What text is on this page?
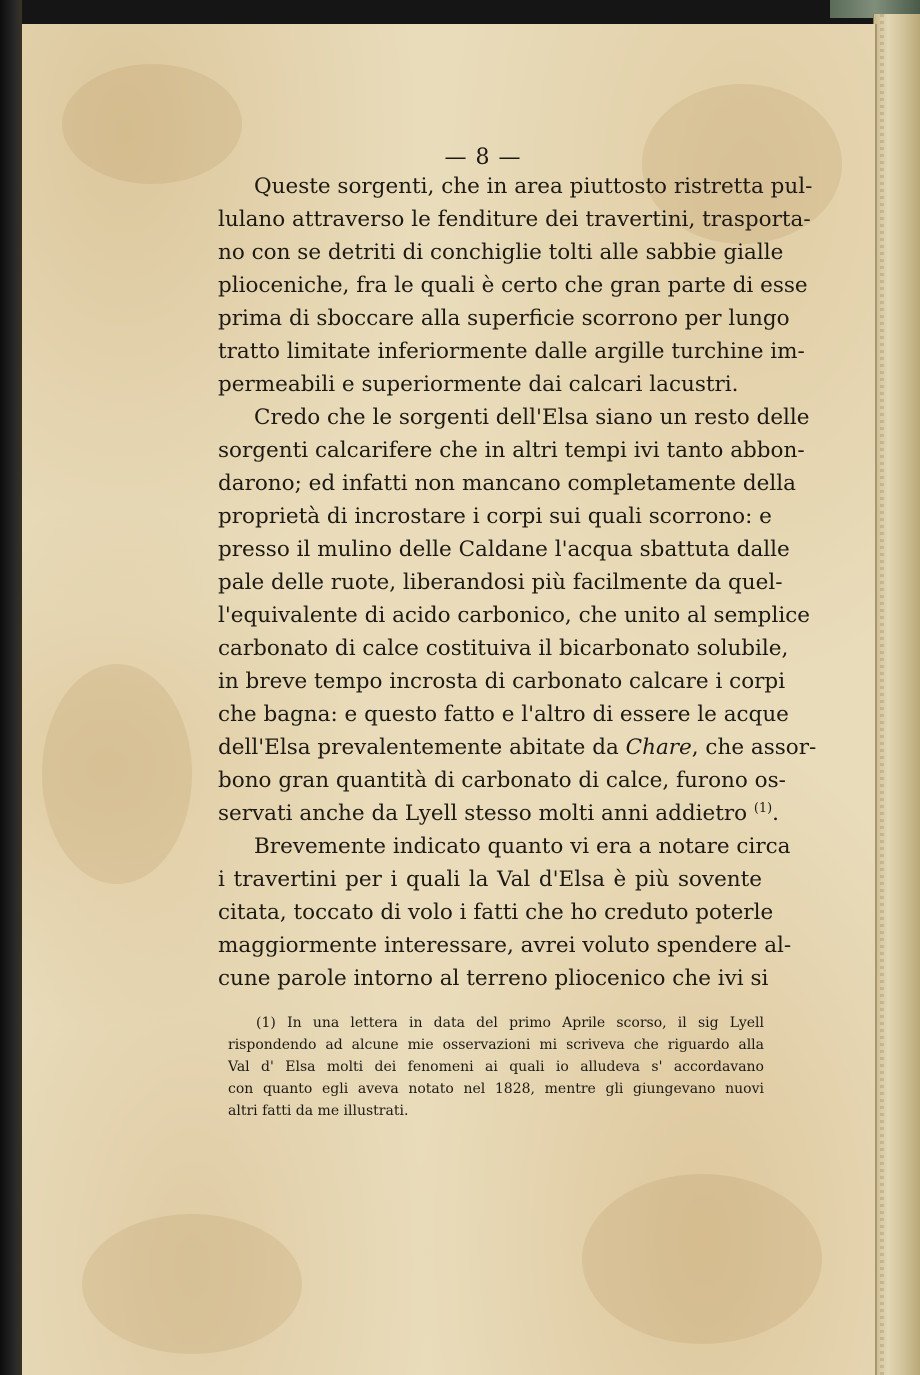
— 8 —
Queste sorgenti, che in area piuttosto ristretta pul-
lulano attraverso le fenditure dei travertini, trasporta-
no con se detriti di conchiglie tolti alle sabbie gialle
plioceniche, fra le quali è certo che gran parte di esse
prima di sboccare alla superficie scorrono per lungo
tratto limitate inferiormente dalle argille turchine im-
permeabili e superiormente dai calcari lacustri.
Credo che le sorgenti dell'Elsa siano un resto delle
sorgenti calcarifere che in altri tempi ivi tanto abbon-
darono; ed infatti non mancano completamente della
proprietà di incrostare i corpi sui quali scorrono: e
presso il mulino delle Caldane l'acqua sbattuta dalle
pale delle ruote, liberandosi più facilmente da quel-
l'equivalente di acido carbonico, che unito al semplice
carbonato di calce costituiva il bicarbonato solubile,
in breve tempo incrosta di carbonato calcare i corpi
che bagna: e questo fatto e l'altro di essere le acque
dell'Elsa prevalentemente abitate da Chare, che assor-
bono gran quantità di carbonato di calce, furono os-
servati anche da Lyell stesso molti anni addietro $^{(1)}$.
Brevemente indicato quanto vi era a notare circa
i travertini per i quali la Val d'Elsa è più sovente
citata, toccato di volo i fatti che ho creduto poterle
maggiormente interessare, avrei voluto spendere al-
cune parole intorno al terreno pliocenico che ivi si
(1) In una lettera in data del primo Aprile scorso, il sig Lyell
rispondendo ad alcune mie osservazioni mi scriveva che riguardo alla
Val d' Elsa molti dei fenomeni ai quali io alludeva s' accordavano
con quanto egli aveva notato nel 1828, mentre gli giungevano nuovi
altri fatti da me illustrati.
